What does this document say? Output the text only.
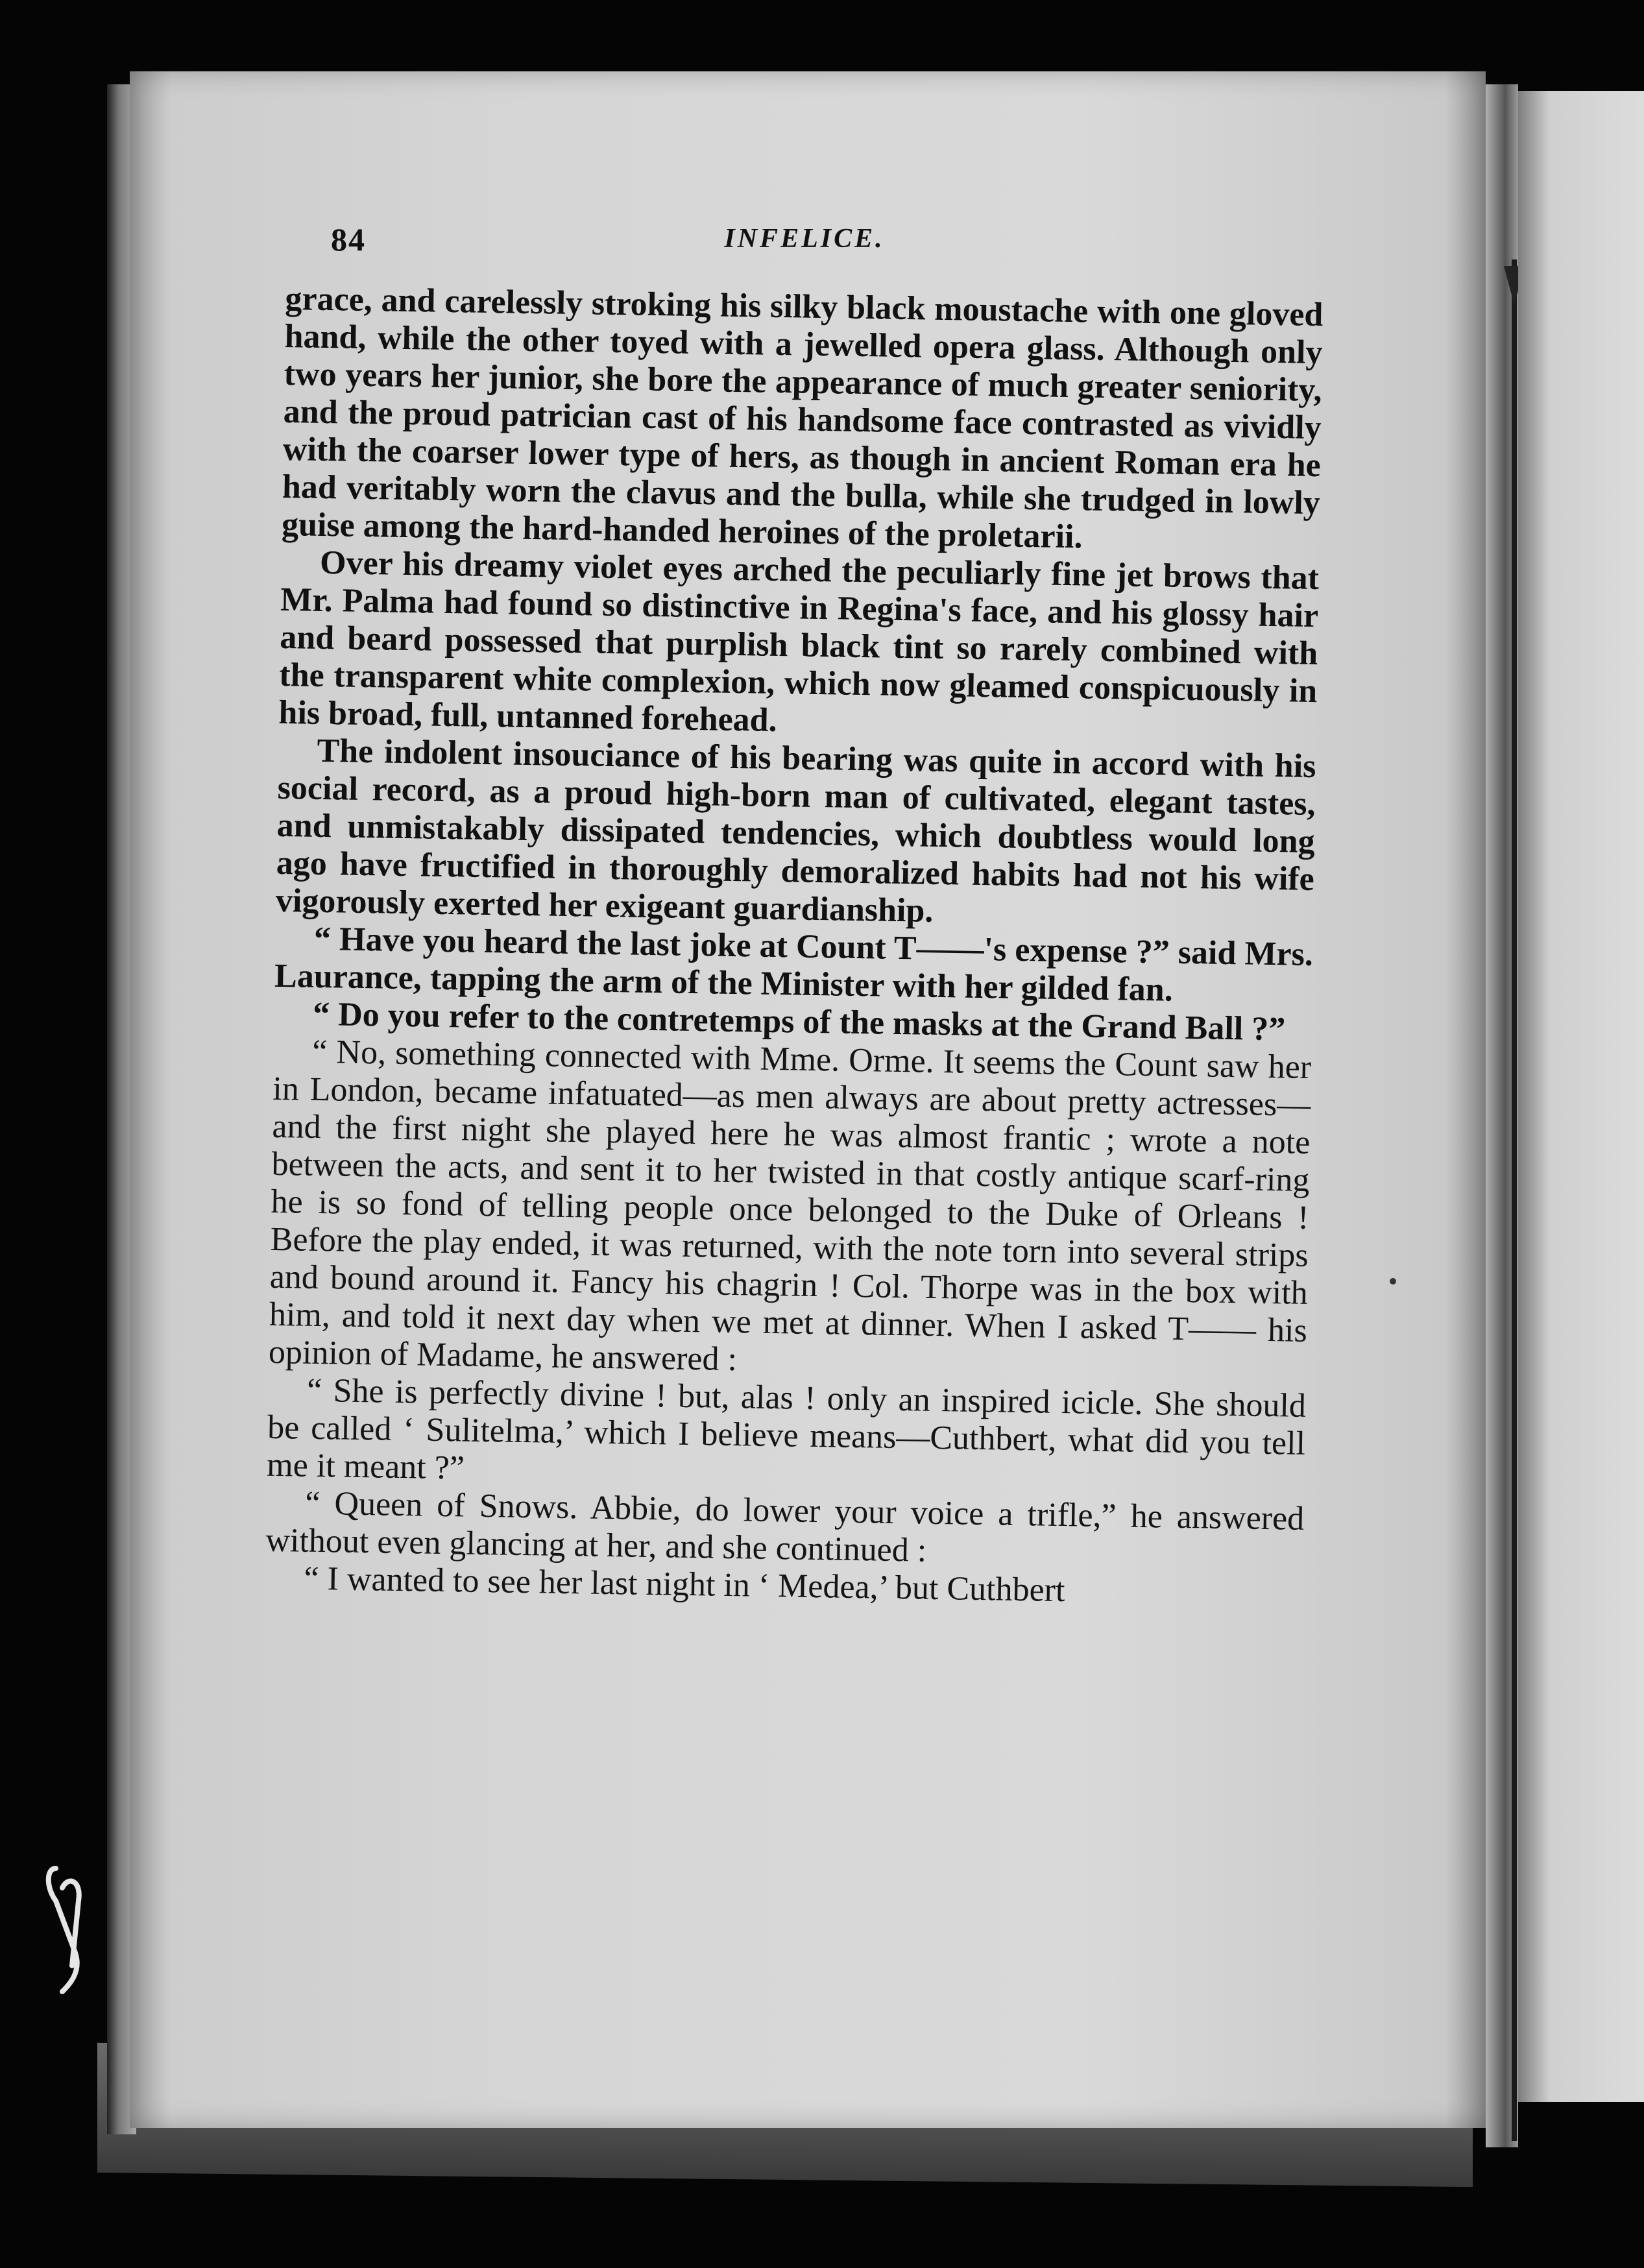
84	INFELICE.

grace, and carelessly stroking his silky black moustache with one gloved hand, while the other toyed with a jewelled opera glass. Although only two years her junior, she bore the appearance of much greater seniority, and the proud patrician cast of his handsome face contrasted as vividly with the coarser lower type of hers, as though in ancient Roman era he had veritably worn the clavus and the bulla, while she trudged in lowly guise among the hard-handed heroines of the proletarii.

Over his dreamy violet eyes arched the peculiarly fine jet brows that Mr. Palma had found so distinctive in Regina's face, and his glossy hair and beard possessed that purplish black tint so rarely combined with the transparent white complexion, which now gleamed conspicuously in his broad, full, untanned forehead.

The indolent insouciance of his bearing was quite in accord with his social record, as a proud high-born man of cultivated, elegant tastes, and unmistakably dissipated tendencies, which doubtless would long ago have fructified in thoroughly demoralized habits had not his wife vigorously exerted her exigeant guardianship.

“ Have you heard the last joke at Count T——'s expense ?” said Mrs. Laurance, tapping the arm of the Minister with her gilded fan.

“ Do you refer to the contretemps of the masks at the Grand Ball ?”

“ No, something connected with Mme. Orme. It seems the Count saw her in London, became infatuated—as men always are about pretty actresses—and the first night she played here he was almost frantic ; wrote a note between the acts, and sent it to her twisted in that costly antique scarf-ring he is so fond of telling people once belonged to the Duke of Orleans ! Before the play ended, it was returned, with the note torn into several strips and bound around it. Fancy his chagrin ! Col. Thorpe was in the box with him, and told it next day when we met at dinner. When I asked T—— his opinion of Madame, he answered :

“ She is perfectly divine ! but, alas ! only an inspired icicle. She should be called ‘ Sulitelma,’ which I believe means—Cuthbert, what did you tell me it meant ?”

“ Queen of Snows. Abbie, do lower your voice a trifle,” he answered without even glancing at her, and she continued :

“ I wanted to see her last night in ‘ Medea,’ but Cuthbert
